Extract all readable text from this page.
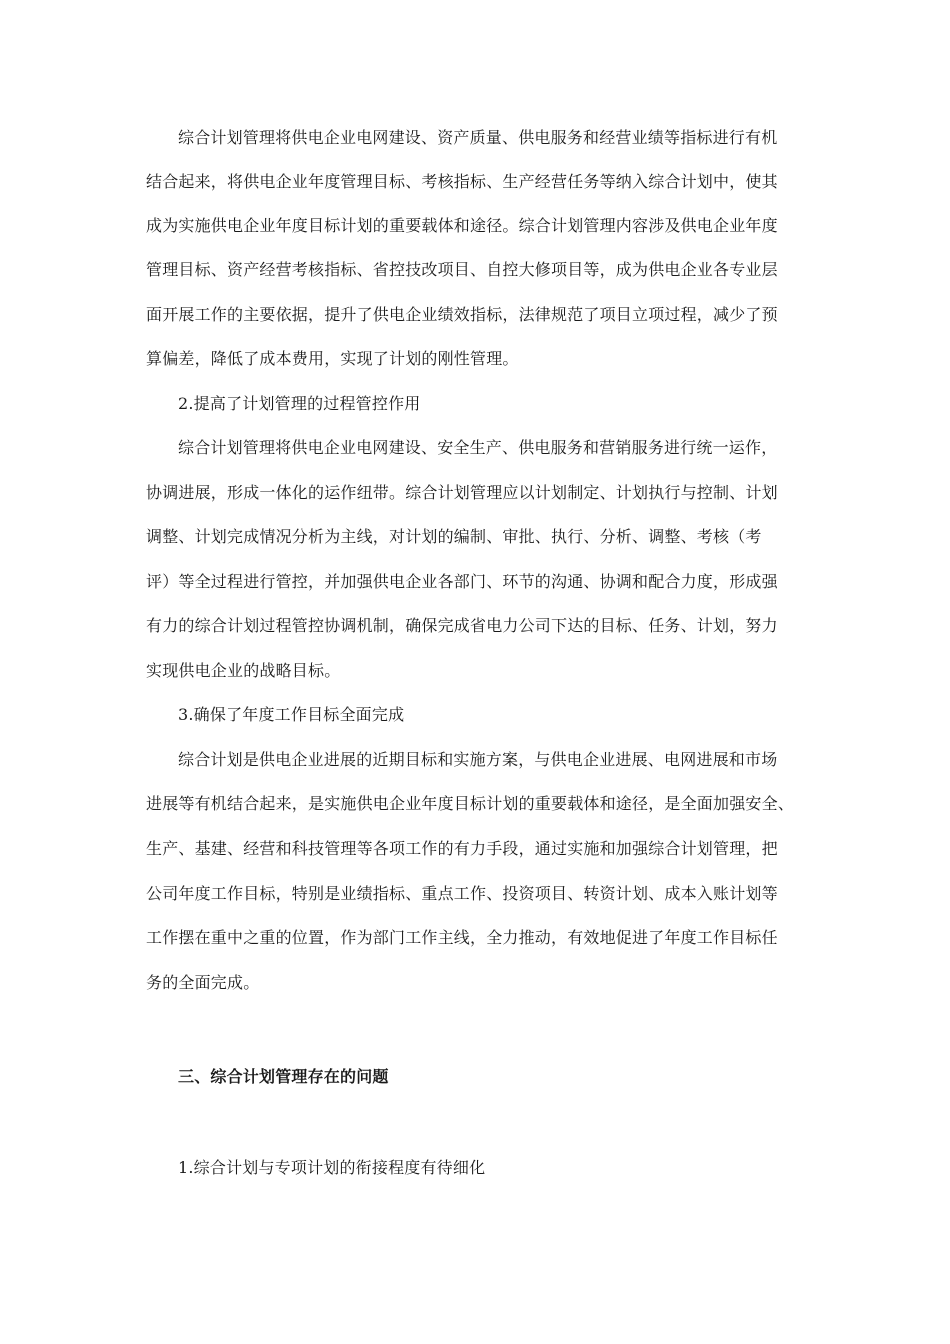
综合计划管理将供电企业电网建设、资产质量、供电服务和经营业绩等指标进行有机
结合起来，将供电企业年度管理目标、考核指标、生产经营任务等纳入综合计划中，使其
成为实施供电企业年度目标计划的重要载体和途径。综合计划管理内容涉及供电企业年度
管理目标、资产经营考核指标、省控技改项目、自控大修项目等，成为供电企业各专业层
面开展工作的主要依据，提升了供电企业绩效指标，法律规范了项目立项过程，减少了预
算偏差，降低了成本费用，实现了计划的刚性管理。
2.提高了计划管理的过程管控作用
综合计划管理将供电企业电网建设、安全生产、供电服务和营销服务进行统一运作，
协调进展，形成一体化的运作纽带。综合计划管理应以计划制定、计划执行与控制、计划
调整、计划完成情况分析为主线，对计划的编制、审批、执行、分析、调整、考核（考
评）等全过程进行管控，并加强供电企业各部门、环节的沟通、协调和配合力度，形成强
有力的综合计划过程管控协调机制，确保完成省电力公司下达的目标、任务、计划，努力
实现供电企业的战略目标。
3.确保了年度工作目标全面完成
综合计划是供电企业进展的近期目标和实施方案，与供电企业进展、电网进展和市场
进展等有机结合起来，是实施供电企业年度目标计划的重要载体和途径，是全面加强安全、
生产、基建、经营和科技管理等各项工作的有力手段，通过实施和加强综合计划管理，把
公司年度工作目标，特别是业绩指标、重点工作、投资项目、转资计划、成本入账计划等
工作摆在重中之重的位置，作为部门工作主线，全力推动，有效地促进了年度工作目标任
务的全面完成。
三、综合计划管理存在的问题
1.综合计划与专项计划的衔接程度有待细化
